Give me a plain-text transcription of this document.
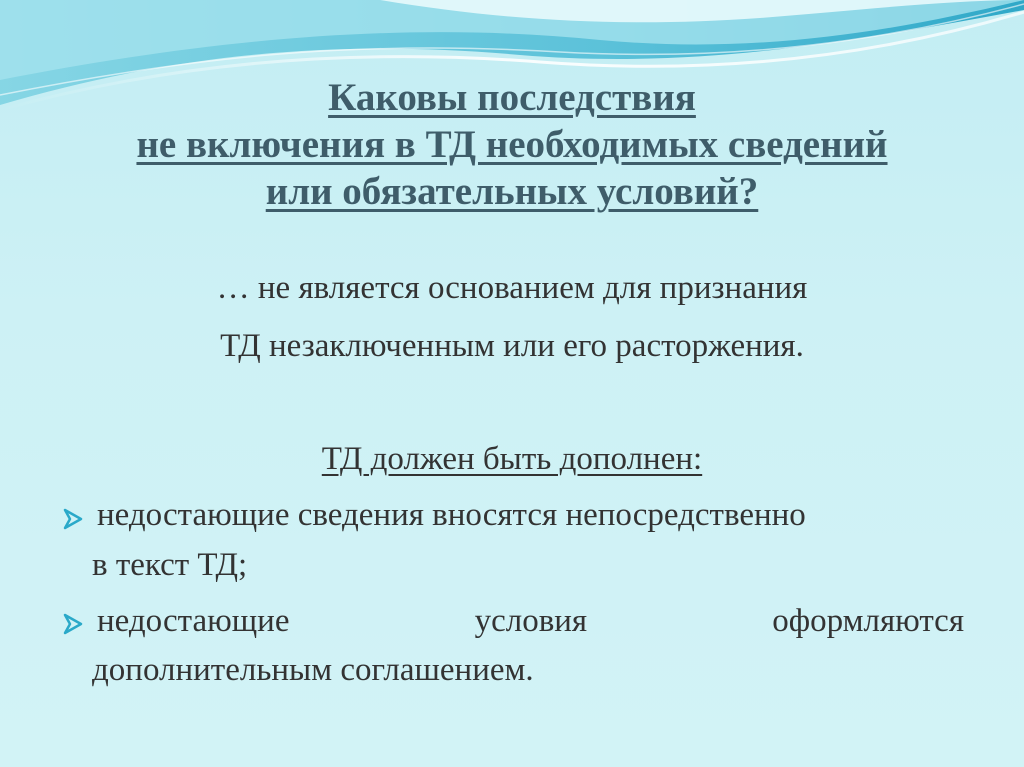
Каковы последствия
не включения в ТД необходимых сведений
или обязательных условий?
… не является основанием для признания
ТД незаключенным или его расторжения.
ТД должен быть дополнен:
недостающие сведения вносятся непосредственно
в текст ТД;
недостающие	условия	оформляются
дополнительным соглашением.
